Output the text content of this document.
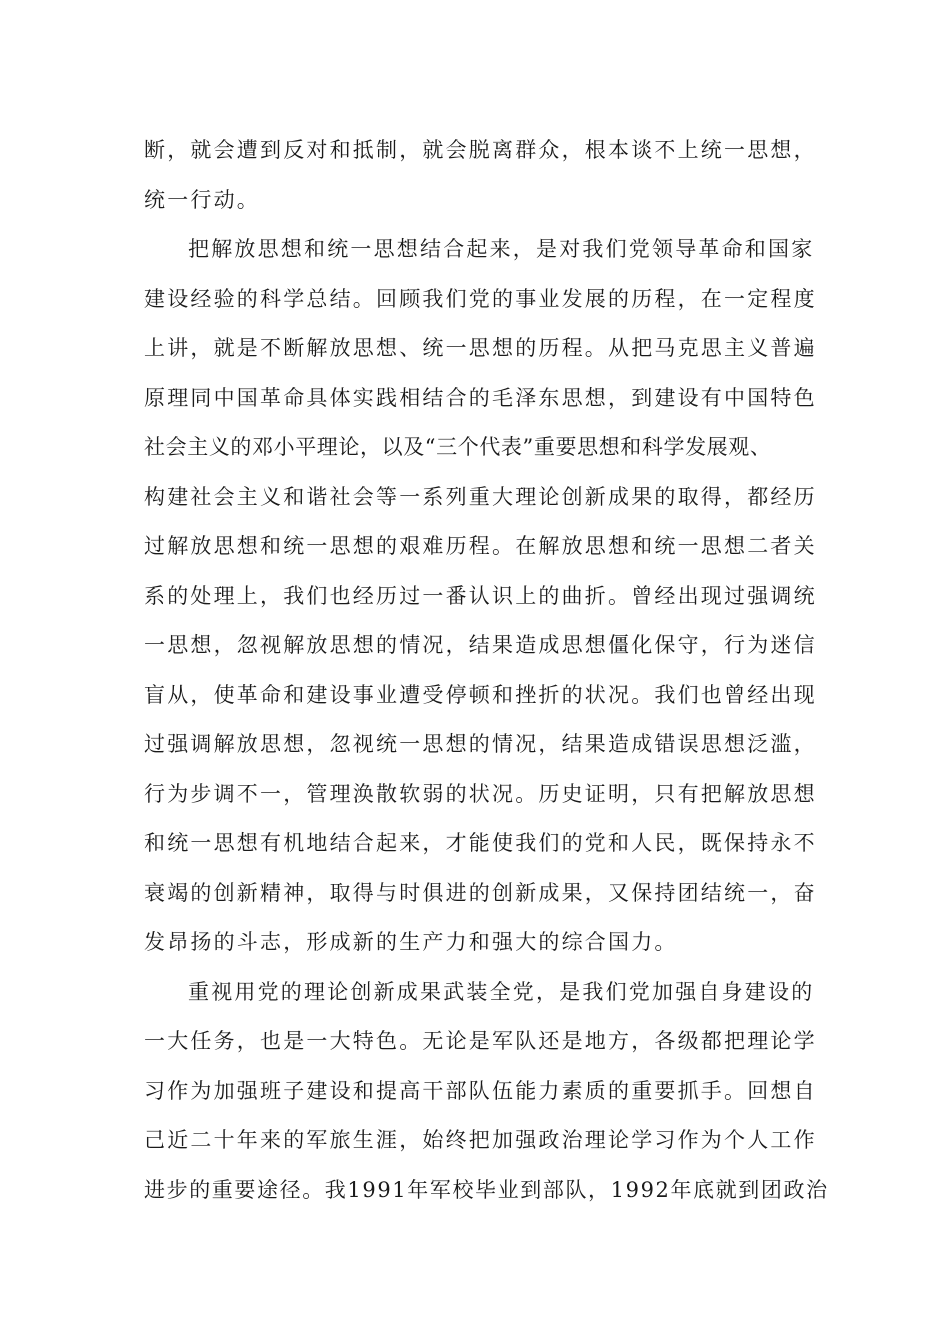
断，就会遭到反对和抵制，就会脱离群众，根本谈不上统一思想，
统一行动。
把解放思想和统一思想结合起来，是对我们党领导革命和国家
建设经验的科学总结。回顾我们党的事业发展的历程，在一定程度
上讲，就是不断解放思想、统一思想的历程。从把马克思主义普遍
原理同中国革命具体实践相结合的毛泽东思想，到建设有中国特色
社会主义的邓小平理论，以及“三个代表”重要思想和科学发展观、
构建社会主义和谐社会等一系列重大理论创新成果的取得，都经历
过解放思想和统一思想的艰难历程。在解放思想和统一思想二者关
系的处理上，我们也经历过一番认识上的曲折。曾经出现过强调统
一思想，忽视解放思想的情况，结果造成思想僵化保守，行为迷信
盲从，使革命和建设事业遭受停顿和挫折的状况。我们也曾经出现
过强调解放思想，忽视统一思想的情况，结果造成错误思想泛滥，
行为步调不一，管理涣散软弱的状况。历史证明，只有把解放思想
和统一思想有机地结合起来，才能使我们的党和人民，既保持永不
衰竭的创新精神，取得与时俱进的创新成果，又保持团结统一，奋
发昂扬的斗志，形成新的生产力和强大的综合国力。
重视用党的理论创新成果武装全党，是我们党加强自身建设的
一大任务，也是一大特色。无论是军队还是地方，各级都把理论学
习作为加强班子建设和提高干部队伍能力素质的重要抓手。回想自
己近二十年来的军旅生涯，始终把加强政治理论学习作为个人工作
进步的重要途径。我1991年军校毕业到部队，1992年底就到团政治
